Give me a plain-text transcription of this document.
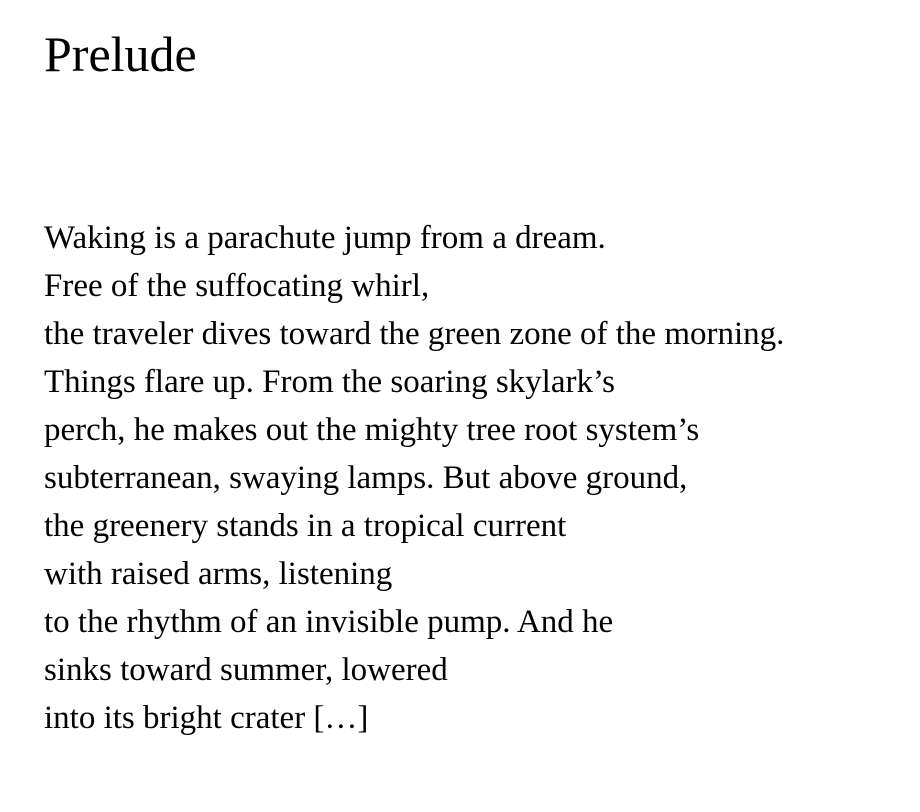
Prelude
Waking is a parachute jump from a dream.
Free of the suffocating whirl,
the traveler dives toward the green zone of the morning.
Things flare up. From the soaring skylark’s
perch, he makes out the mighty tree root system’s
subterranean, swaying lamps. But above ground,
the greenery stands in a tropical current
with raised arms, listening
to the rhythm of an invisible pump. And he
sinks toward summer, lowered
into its bright crater […]
